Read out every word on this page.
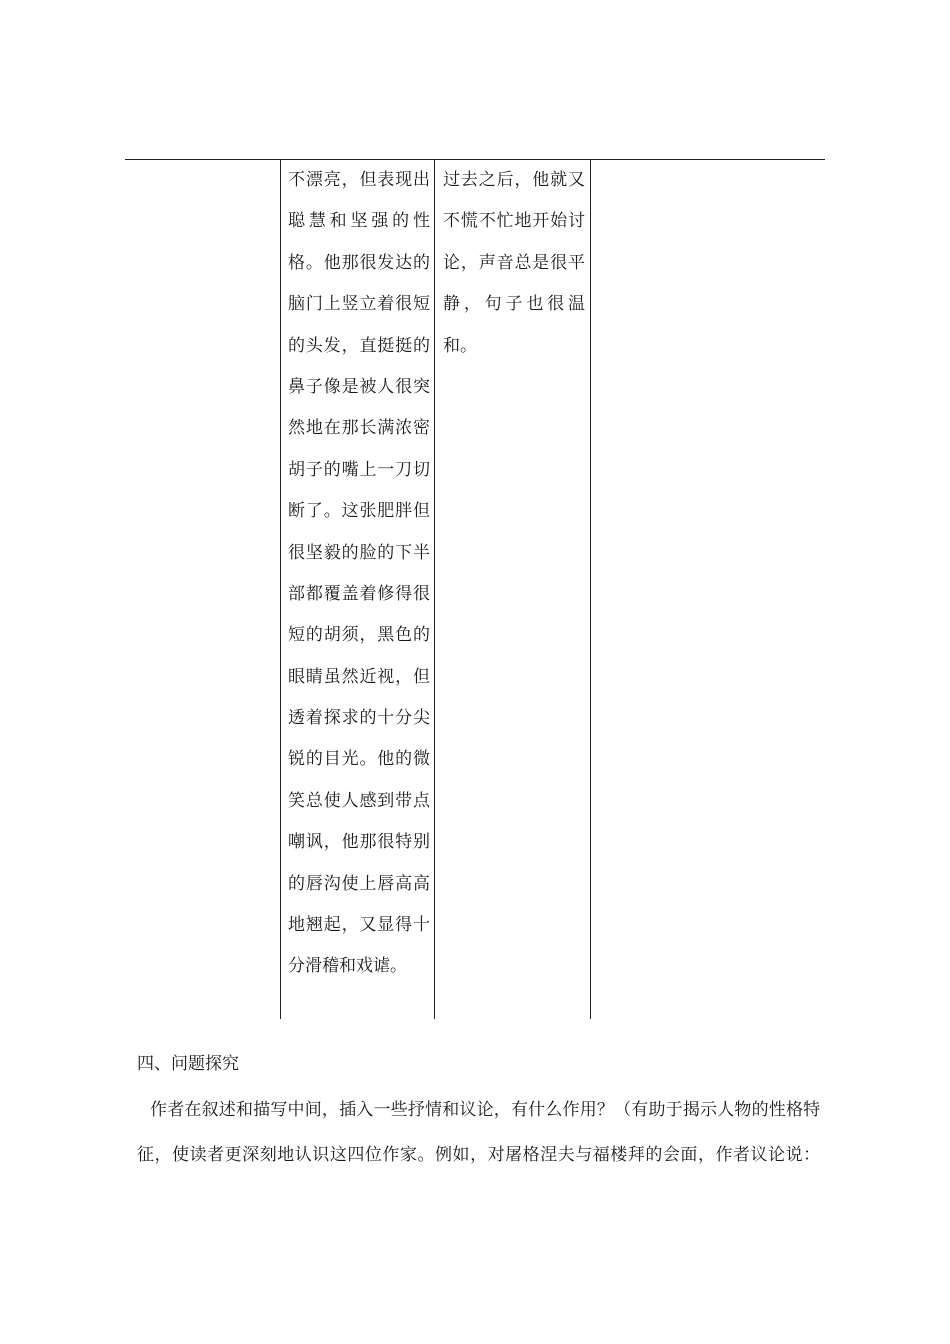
不漂亮，但表现出
聪慧和坚强的性
格。他那很发达的
脑门上竖立着很短
的头发，直挺挺的
鼻子像是被人很突
然地在那长满浓密
胡子的嘴上一刀切
断了。这张肥胖但
很坚毅的脸的下半
部都覆盖着修得很
短的胡须，黑色的
眼睛虽然近视，但
透着探求的十分尖
锐的目光。他的微
笑总使人感到带点
嘲讽，他那很特别
的唇沟使上唇高高
地翘起，又显得十
分滑稽和戏谑。
过去之后，他就又
不慌不忙地开始讨
论，声音总是很平
静，句子也很温
和。
四、问题探究
作者在叙述和描写中间，插入一些抒情和议论，有什么作用？（有助于揭示人物的性格特
征，使读者更深刻地认识这四位作家。例如，对屠格涅夫与福楼拜的会面，作者议论说：
